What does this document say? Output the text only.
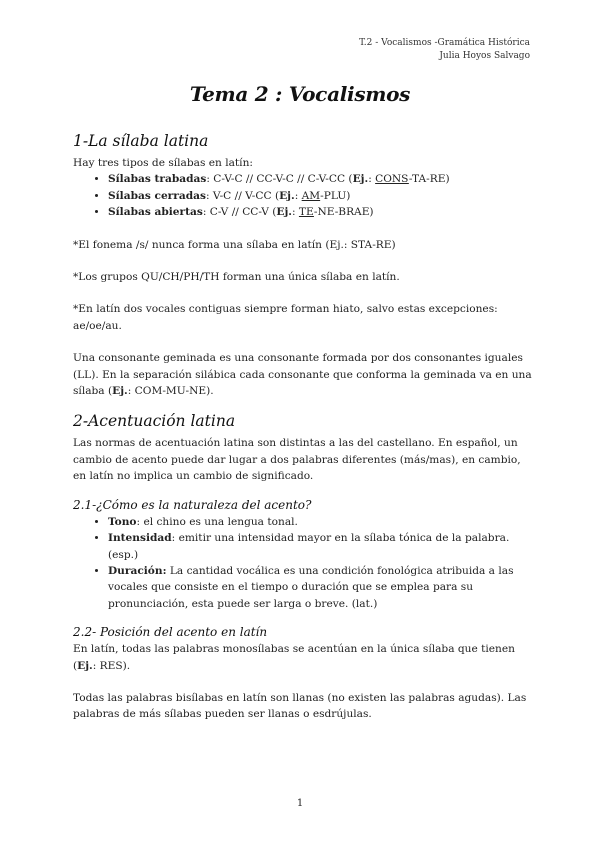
T.2 - Vocalismos -Gramática Histórica
Julia Hoyos Salvago
Tema 2 : Vocalismos
1-La sílaba latina

Hay tres tipos de sílabas en latín:

• Sílabas trabadas: C-V-C // CC-V-C // C-V-CC (Ej.: CONS-TA-RE)
• Sílabas cerradas: V-C // V-CC (Ej.: AM-PLU)
• Sílabas abiertas: C-V // CC-V (Ej.: TE-NE-BRAE)

*El fonema /s/ nunca forma una sílaba en latín (Ej.: STA-RE)

*Los grupos QU/CH/PH/TH forman una única sílaba en latín.

*En latín dos vocales contiguas siempre forman hiato, salvo estas excepciones: ae/oe/au.

Una consonante geminada es una consonante formada por dos consonantes iguales (LL). En la separación silábica cada consonante que conforma la geminada va en una sílaba (Ej.: COM-MU-NE).

2-Acentuación latina

Las normas de acentuación latina son distintas a las del castellano. En español, un cambio de acento puede dar lugar a dos palabras diferentes (más/mas), en cambio, en latín no implica un cambio de significado.

2.1-¿Cómo es la naturaleza del acento?
• Tono: el chino es una lengua tonal.
• Intensidad: emitir una intensidad mayor en la sílaba tónica de la palabra. (esp.)
• Duración: La cantidad vocálica es una condición fonológica atribuida a las vocales que consiste en el tiempo o duración que se emplea para su pronunciación, esta puede ser larga o breve. (lat.)
2.2- Posición del acento en latín

En latín, todas las palabras monosílabas se acentúan en la única sílaba que tienen (Ej.: RES).

Todas las palabras bisílabas en latín son llanas (no existen las palabras agudas). Las palabras de más sílabas pueden ser llanas o esdrújulas.

1
